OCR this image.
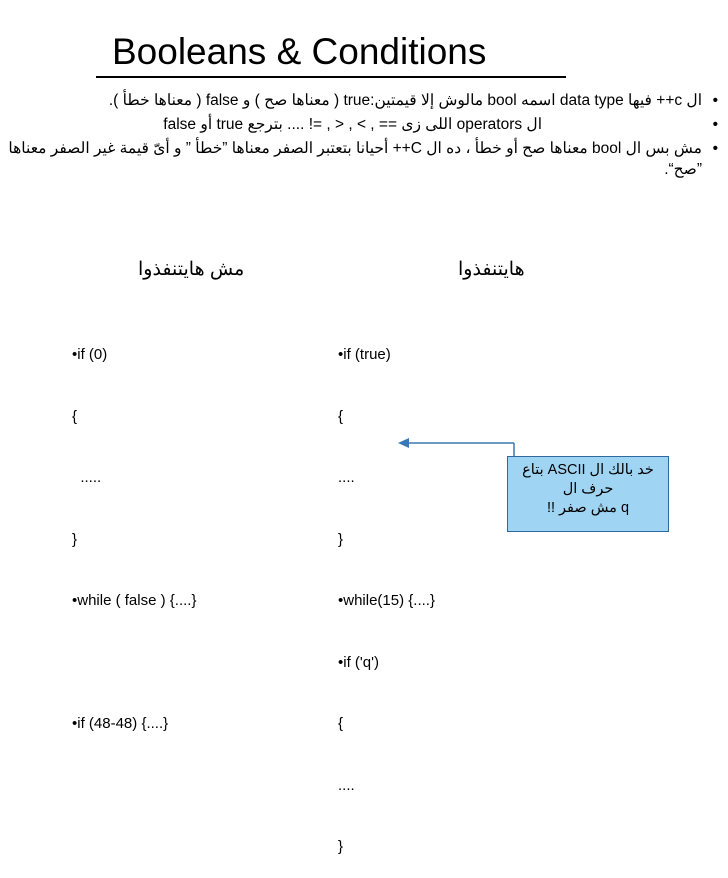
Booleans & Conditions
•
ال c++ فيها data type اسمه bool مالوش إلا قيمتين:true ( معناها صح ) و false ( معناها خطأ ).
•
ال operators اللى زى == , > , < , =! .... بترجع true أو false
•
مش بس ال bool معناها صح أو خطأ ، ده ال C++ أحيانا بتعتبر الصفر معناها ”خطأ ” و أىّ قيمة غير الصفر معناها ”صح“.
مش هايتنفذوا	هايتنفذوا

•if (0)

{

.....

}

•while ( false ) {....}

•if (48-48) {....}

•if (true)

{

....

}

•while(15) {....}

•if ('q')

{

....

}

خد بالك ال ASCII بتاع
حرف ال
q مش صفر !!
